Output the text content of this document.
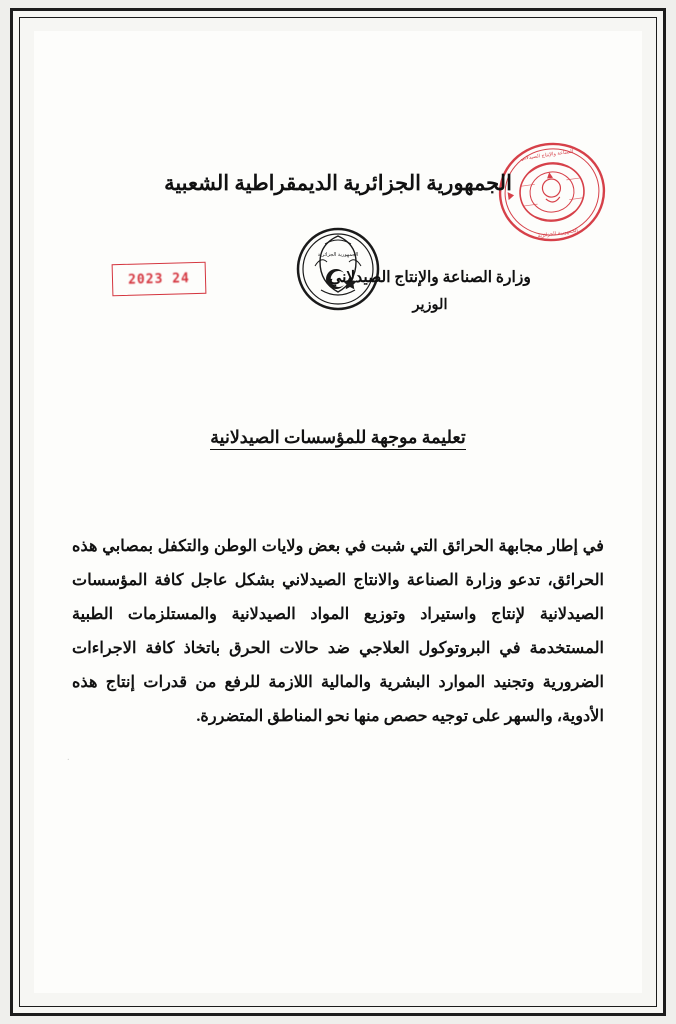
الصناعة والإنتاج الصيدلاني
الجمهورية الجزائرية
الجمهورية الجزائرية الديمقراطية الشعبية
الجمهورية الجزائرية
2023 24	وزارة الصناعة والإنتاج الصيدلاني
الوزير
تعليمة موجهة للمؤسسات الصيدلانية
في إطار مجابهة الحرائق التي شبت في بعض ولايات الوطن والتكفل بمصابي هذه الحرائق، تدعو وزارة الصناعة والانتاج الصيدلاني بشكل عاجل كافة المؤسسات الصيدلانية لإنتاج واستيراد وتوزيع المواد الصيدلانية والمستلزمات الطبية المستخدمة في البروتوكول العلاجي ضد حالات الحرق باتخاذ كافة الاجراءات الضرورية وتجنيد الموارد البشرية والمالية اللازمة للرفع من قدرات إنتاج هذه الأدوية، والسهر على توجيه حصص منها نحو المناطق المتضررة.
·
